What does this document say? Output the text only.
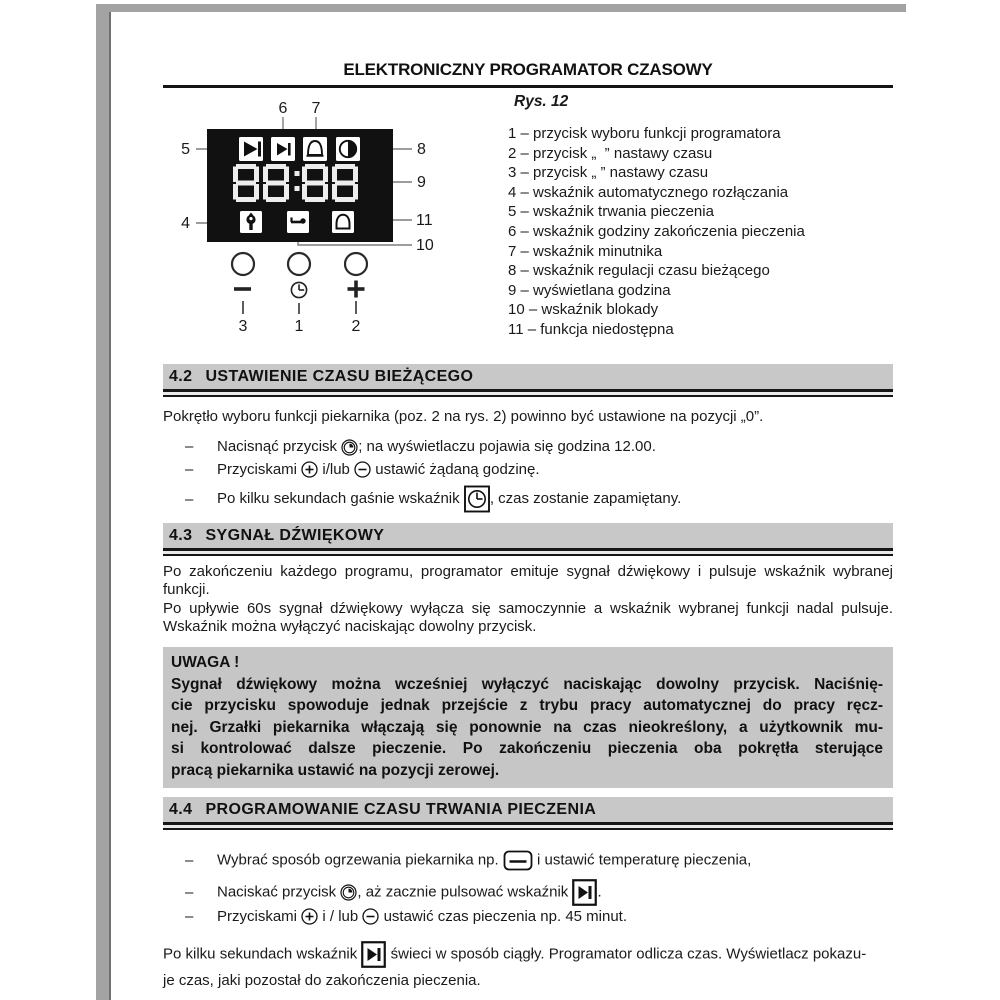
ELEKTRONICZNY PROGRAMATOR CZASOWY
88:88
5
6 7
8
9
4	11
10
3	1	2
Rys. 12
1 – przycisk wyboru funkcji programatora
2 – przycisk „  ” nastawy czasu
3 – przycisk „ ” nastawy czasu
4 – wskaźnik automatycznego rozłączania
5 – wskaźnik trwania pieczenia
6 – wskaźnik godziny zakończenia pieczenia
7 – wskaźnik minutnika
8 – wskaźnik regulacji czasu bieżącego
9 – wyświetlana godzina
10 – wskaźnik blokady
11 – funkcja niedostępna
4.2 USTAWIENIE CZASU BIEŻĄCEGO
Pokrętło wyboru funkcji piekarnika (poz. 2 na rys. 2) powinno być ustawione na pozycji „0”.
–	Nacisnąć przycisk ; na wyświetlaczu pojawia się godzina 12.00.
–	Przyciskami i/lub ustawić żądaną godzinę.
–	Po kilku sekundach gaśnie wskaźnik , czas zostanie zapamiętany.
4.3 SYGNAŁ DŹWIĘKOWY
Po zakończeniu każdego programu, programator emituje sygnał dźwiękowy i pulsuje wskaźnik wybranej
funkcji.
Po upływie 60s sygnał dźwiękowy wyłącza się samoczynnie a wskaźnik wybranej funkcji nadal pulsuje.
Wskaźnik można wyłączyć naciskając dowolny przycisk.
UWAGA !
Sygnał dźwiękowy można wcześniej wyłączyć naciskając dowolny przycisk. Naciśnię-
cie przycisku spowoduje jednak przejście z trybu pracy automatycznej do pracy ręcz-
nej. Grzałki piekarnika włączają się ponownie na czas nieokreślony, a użytkownik mu-
si kontrolować dalsze pieczenie. Po zakończeniu pieczenia oba pokrętła sterujące
pracą piekarnika ustawić na pozycji zerowej.
4.4 PROGRAMOWANIE CZASU TRWANIA PIECZENIA
–	Wybrać sposób ogrzewania piekarnika np.	i ustawić temperaturę pieczenia,
–	Naciskać przycisk , aż zacznie pulsować wskaźnik .
–	Przyciskami i / lub ustawić czas pieczenia np. 45 minut.
Po kilku sekundach wskaźnik świeci w sposób ciągły. Programator odlicza czas. Wyświetlacz pokazu-
je czas, jaki pozostał do zakończenia pieczenia.
